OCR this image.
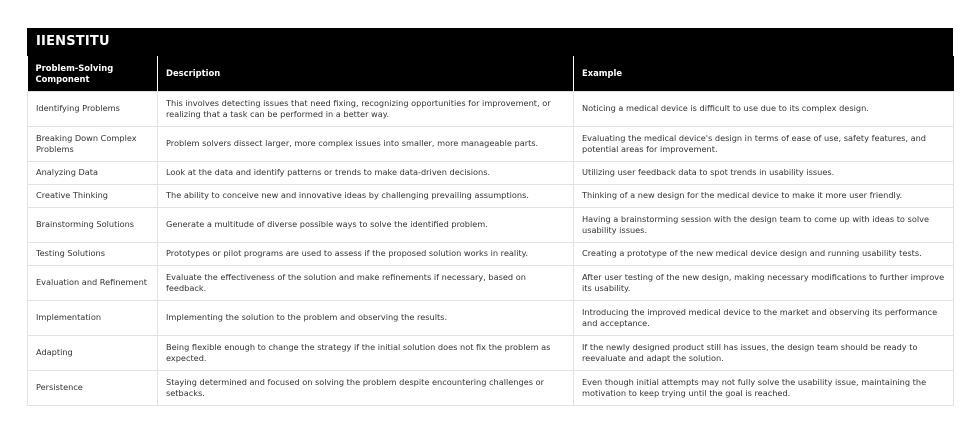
IIENSTITU
Problem-Solving Component	Description	Example
Identifying Problems	This involves detecting issues that need fixing, recognizing opportunities for improvement, or realizing that a task can be performed in a better way.	Noticing a medical device is difficult to use due to its complex design.
Breaking Down Complex Problems	Problem solvers dissect larger, more complex issues into smaller, more manageable parts.	Evaluating the medical device's design in terms of ease of use, safety features, and potential areas for improvement.
Analyzing Data	Look at the data and identify patterns or trends to make data-driven decisions.	Utilizing user feedback data to spot trends in usability issues.
Creative Thinking	The ability to conceive new and innovative ideas by challenging prevailing assumptions.	Thinking of a new design for the medical device to make it more user friendly.
Brainstorming Solutions	Generate a multitude of diverse possible ways to solve the identified problem.	Having a brainstorming session with the design team to come up with ideas to solve usability issues.
Testing Solutions	Prototypes or pilot programs are used to assess if the proposed solution works in reality.	Creating a prototype of the new medical device design and running usability tests.
Evaluation and Refinement	Evaluate the effectiveness of the solution and make refinements if necessary, based on feedback.	After user testing of the new design, making necessary modifications to further improve its usability.
Implementation	Implementing the solution to the problem and observing the results.	Introducing the improved medical device to the market and observing its performance and acceptance.
Adapting	Being flexible enough to change the strategy if the initial solution does not fix the problem as expected.	If the newly designed product still has issues, the design team should be ready to reevaluate and adapt the solution.
Persistence	Staying determined and focused on solving the problem despite encountering challenges or setbacks.	Even though initial attempts may not fully solve the usability issue, maintaining the motivation to keep trying until the goal is reached.
